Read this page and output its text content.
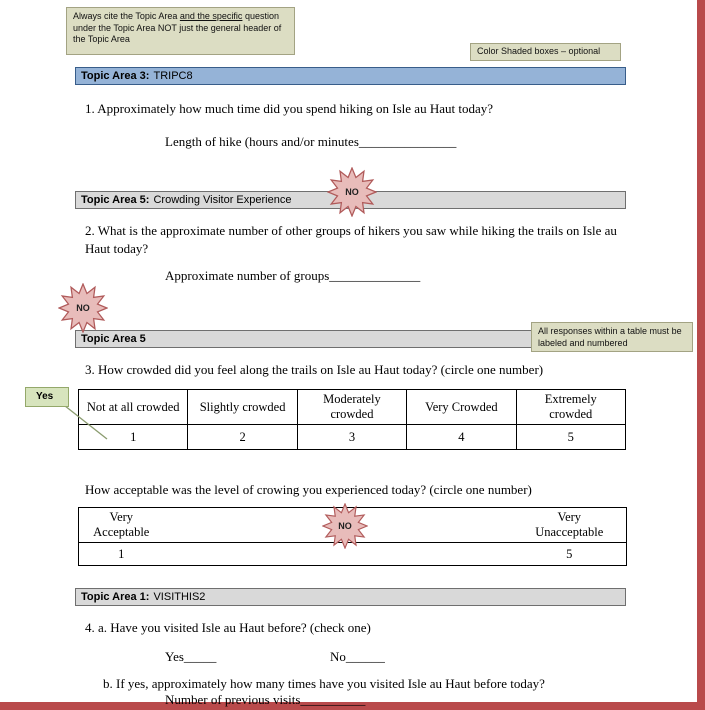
Always cite the Topic Area and the specific question under the Topic Area NOT just the general header of the Topic Area
Color Shaded boxes – optional
Topic Area 3: TRIPC8
1. Approximately how much time did you spend hiking on Isle au Haut today?
Length of hike (hours and/or minutes_______________
Topic Area 5: Crowding Visitor Experience
NO
2. What is the approximate number of other groups of hikers you saw while hiking the trails on Isle au Haut today?
Approximate number of groups______________
NO
Topic Area 5
All responses within a table must be labeled and numbered
3. How crowded did you feel along the trails on Isle au Haut today? (circle one number)
Yes
Not at all crowded	Slightly crowded	Moderately crowded	Very Crowded	Extremely crowded
1	2	3	4	5
How acceptable was the level of crowing you experienced today? (circle one number)
Very Acceptable		Very Unacceptable
1		5
NO
Topic Area 1: VISITHIS2
4. a. Have you visited Isle au Haut before? (check one)
Yes_____	No______
b. If yes, approximately how many times have you visited Isle au Haut before today?
Number of previous visits__________
